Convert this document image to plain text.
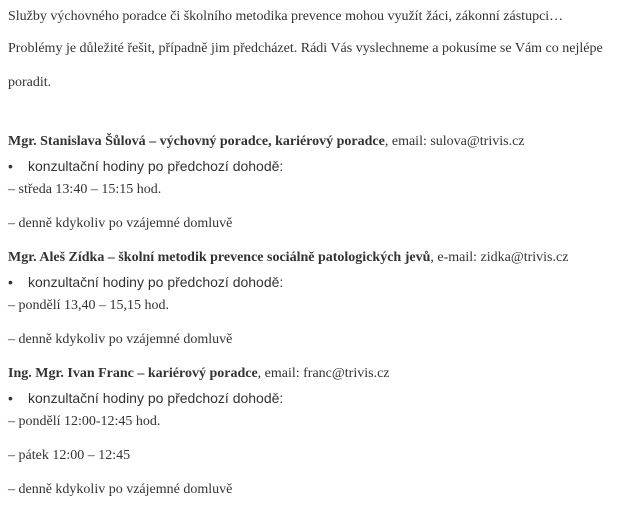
Služby výchovného poradce či školního metodika prevence mohou využít žáci, zákonní zástupci…
Problémy je důležité řešit, případně jim předcházet. Rádi Vás vyslechneme a pokusíme se Vám co nejlépe
poradit.
Mgr. Stanislava Šůlová – výchovný poradce, kariérový poradce, email: sulova@trivis.cz
•	konzultační hodiny po předchozí dohodě:
– středa 13:40 – 15:15 hod.
– denně kdykoliv po vzájemné domluvě
Mgr. Aleš Zídka – školní metodik prevence sociálně patologických jevů, e-mail: zidka@trivis.cz
•	konzultační hodiny po předchozí dohodě:
– pondělí 13,40 – 15,15 hod.
– denně kdykoliv po vzájemné domluvě
Ing. Mgr. Ivan Franc – kariérový poradce, email: franc@trivis.cz
•	konzultační hodiny po předchozí dohodě:
– pondělí 12:00-12:45 hod.
– pátek 12:00 – 12:45
– denně kdykoliv po vzájemné domluvě
